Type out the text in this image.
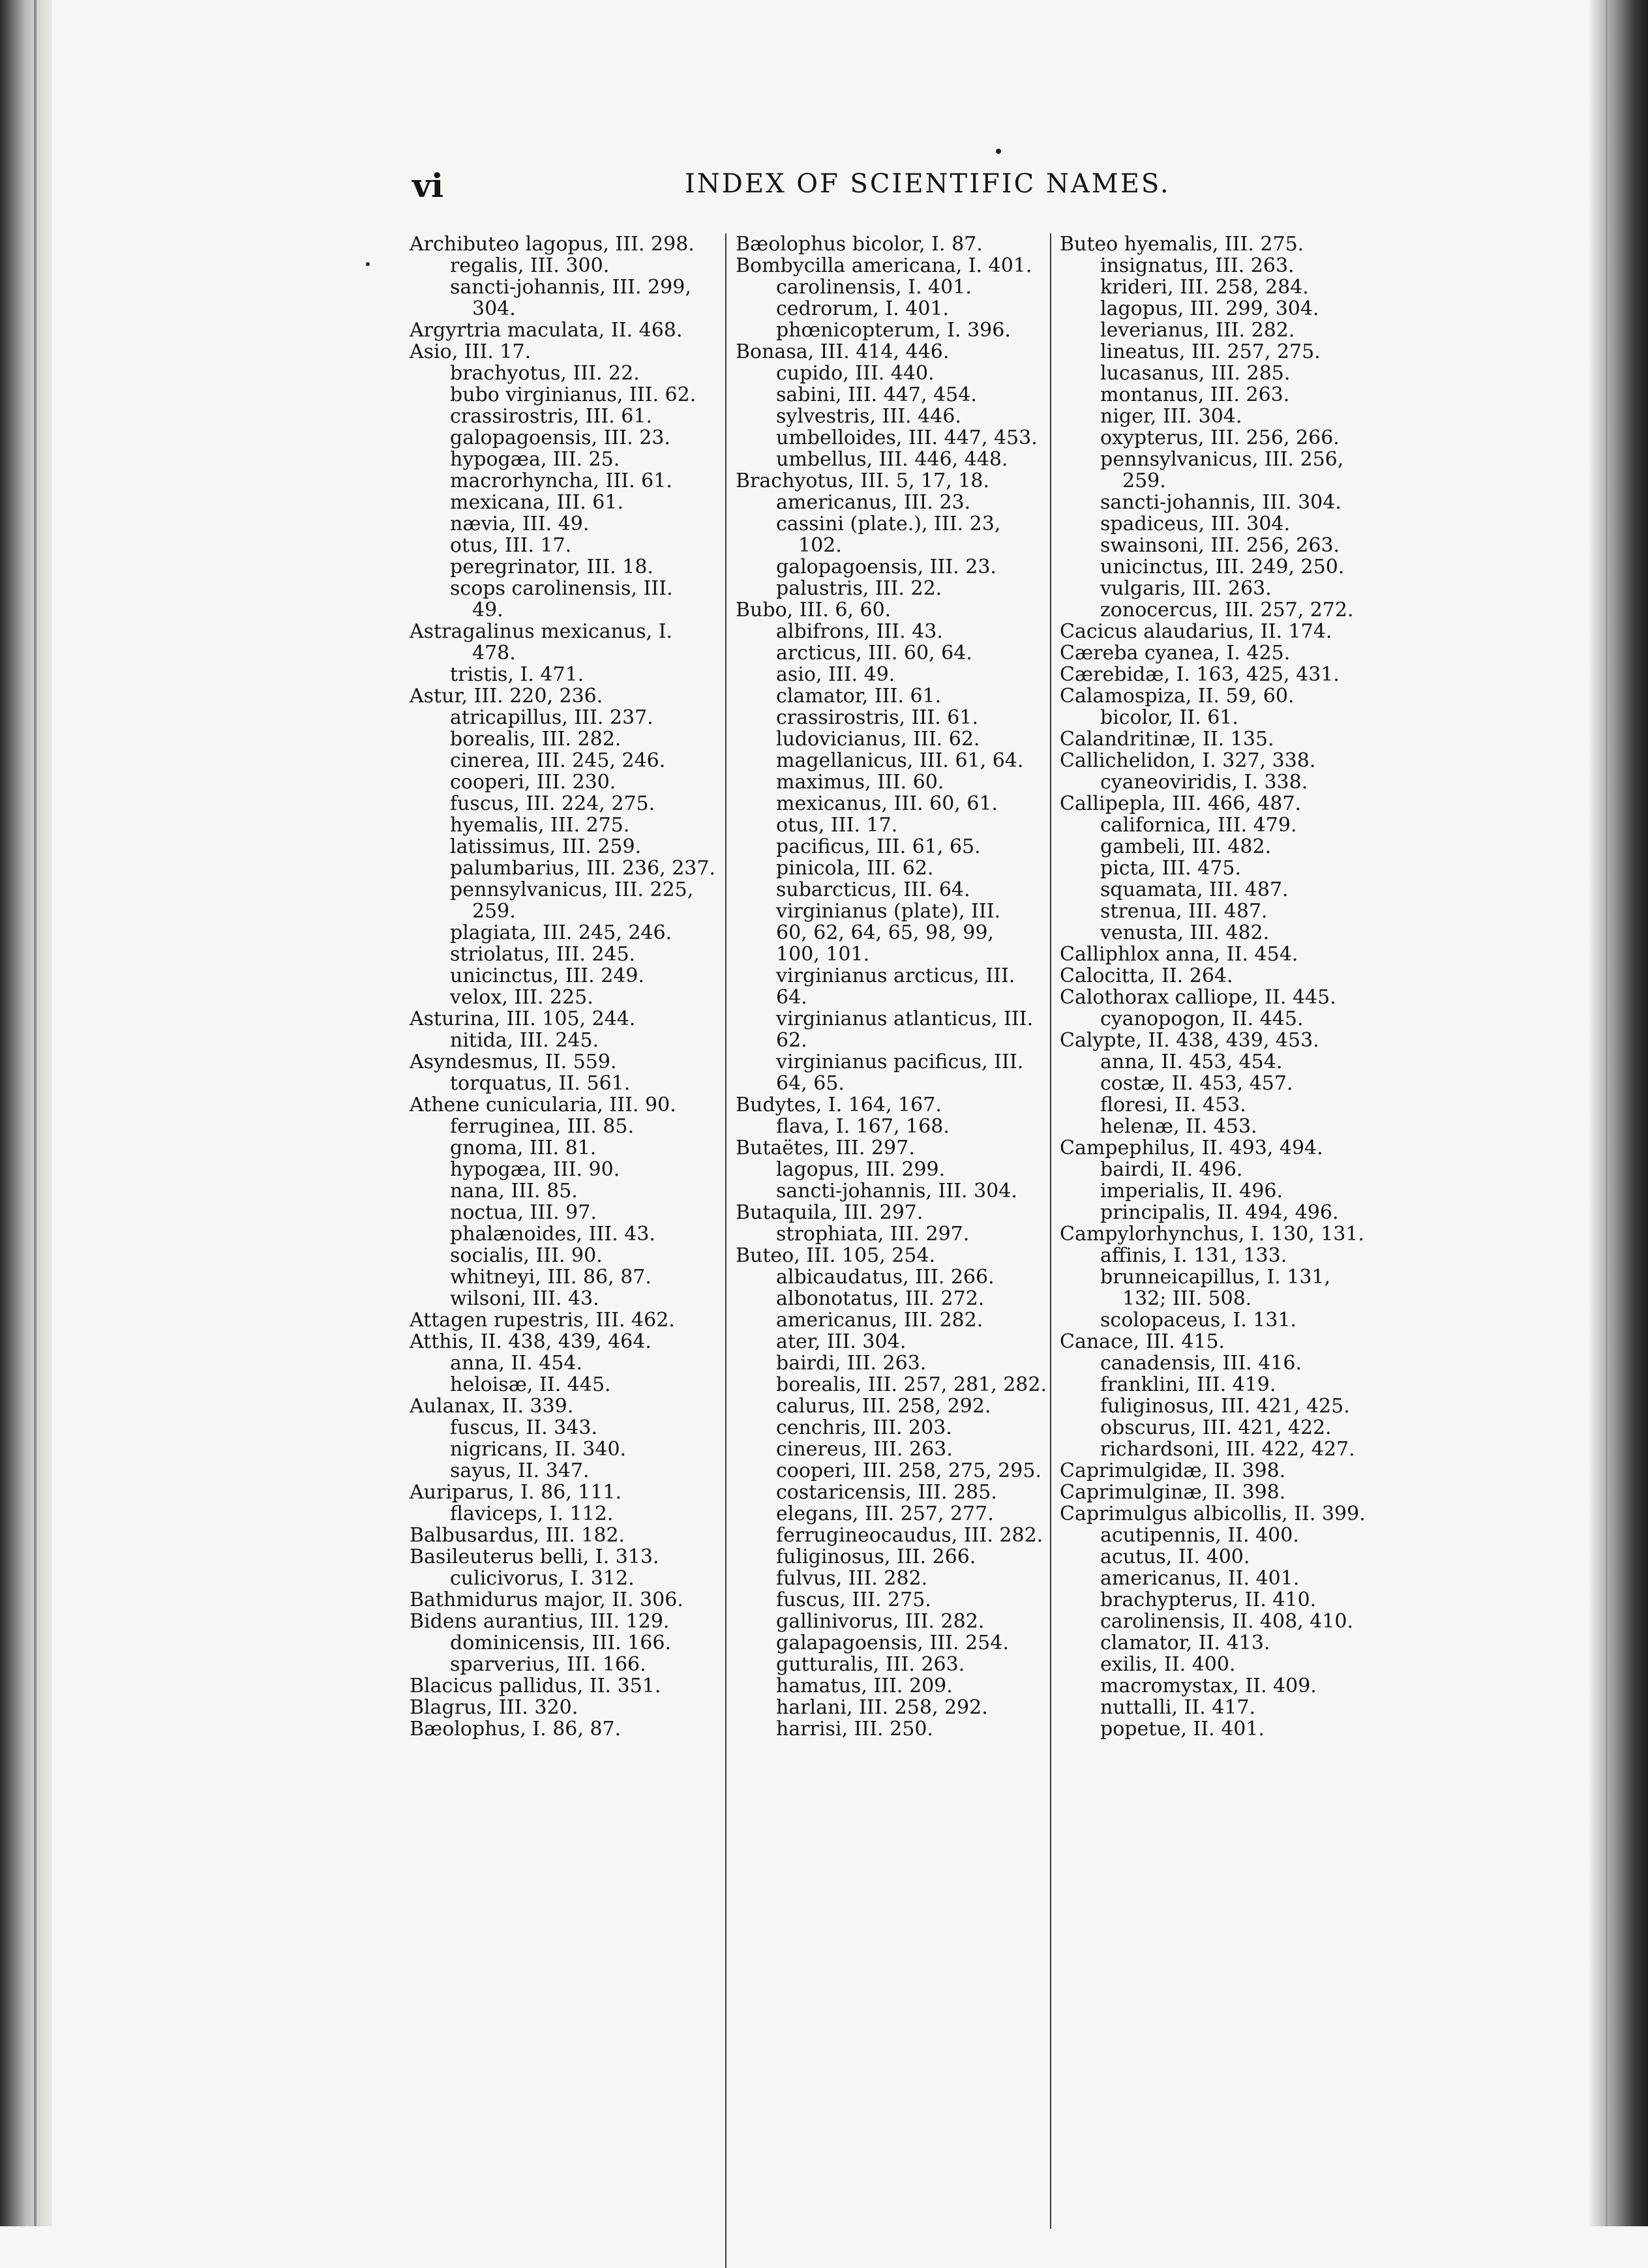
vi	INDEX OF SCIENTIFIC NAMES.
Archibuteo lagopus, III. 298.
regalis, III. 300.
sancti-johannis, III. 299,
304.
Argyrtria maculata, II. 468.
Asio, III. 17.
brachyotus, III. 22.
bubo virginianus, III. 62.
crassirostris, III. 61.
galopagoensis, III. 23.
hypogæa, III. 25.
macrorhyncha, III. 61.
mexicana, III. 61.
nævia, III. 49.
otus, III. 17.
peregrinator, III. 18.
scops carolinensis, III.
49.
Astragalinus mexicanus, I.
478.
tristis, I. 471.
Astur, III. 220, 236.
atricapillus, III. 237.
borealis, III. 282.
cinerea, III. 245, 246.
cooperi, III. 230.
fuscus, III. 224, 275.
hyemalis, III. 275.
latissimus, III. 259.
palumbarius, III. 236, 237.
pennsylvanicus, III. 225,
259.
plagiata, III. 245, 246.
striolatus, III. 245.
unicinctus, III. 249.
velox, III. 225.
Asturina, III. 105, 244.
nitida, III. 245.
Asyndesmus, II. 559.
torquatus, II. 561.
Athene cunicularia, III. 90.
ferruginea, III. 85.
gnoma, III. 81.
hypogæa, III. 90.
nana, III. 85.
noctua, III. 97.
phalænoides, III. 43.
socialis, III. 90.
whitneyi, III. 86, 87.
wilsoni, III. 43.
Attagen rupestris, III. 462.
Atthis, II. 438, 439, 464.
anna, II. 454.
heloisæ, II. 445.
Aulanax, II. 339.
fuscus, II. 343.
nigricans, II. 340.
sayus, II. 347.
Auriparus, I. 86, 111.
flaviceps, I. 112.
Balbusardus, III. 182.
Basileuterus belli, I. 313.
culicivorus, I. 312.
Bathmidurus major, II. 306.
Bidens aurantius, III. 129.
dominicensis, III. 166.
sparverius, III. 166.
Blacicus pallidus, II. 351.
Blagrus, III. 320.
Bæolophus, I. 86, 87.
Bæolophus bicolor, I. 87.
Bombycilla americana, I. 401.
carolinensis, I. 401.
cedrorum, I. 401.
phœnicopterum, I. 396.
Bonasa, III. 414, 446.
cupido, III. 440.
sabini, III. 447, 454.
sylvestris, III. 446.
umbelloides, III. 447, 453.
umbellus, III. 446, 448.
Brachyotus, III. 5, 17, 18.
americanus, III. 23.
cassini (plate.), III. 23,
102.
galopagoensis, III. 23.
palustris, III. 22.
Bubo, III. 6, 60.
albifrons, III. 43.
arcticus, III. 60, 64.
asio, III. 49.
clamator, III. 61.
crassirostris, III. 61.
ludovicianus, III. 62.
magellanicus, III. 61, 64.
maximus, III. 60.
mexicanus, III. 60, 61.
otus, III. 17.
pacificus, III. 61, 65.
pinicola, III. 62.
subarcticus, III. 64.
virginianus (plate), III.
60, 62, 64, 65, 98, 99,
100, 101.
virginianus arcticus, III.
64.
virginianus atlanticus, III.
62.
virginianus pacificus, III.
64, 65.
Budytes, I. 164, 167.
flava, I. 167, 168.
Butaëtes, III. 297.
lagopus, III. 299.
sancti-johannis, III. 304.
Butaquila, III. 297.
strophiata, III. 297.
Buteo, III. 105, 254.
albicaudatus, III. 266.
albonotatus, III. 272.
americanus, III. 282.
ater, III. 304.
bairdi, III. 263.
borealis, III. 257, 281, 282.
calurus, III. 258, 292.
cenchris, III. 203.
cinereus, III. 263.
cooperi, III. 258, 275, 295.
costaricensis, III. 285.
elegans, III. 257, 277.
ferrugineocaudus, III. 282.
fuliginosus, III. 266.
fulvus, III. 282.
fuscus, III. 275.
gallinivorus, III. 282.
galapagoensis, III. 254.
gutturalis, III. 263.
hamatus, III. 209.
harlani, III. 258, 292.
harrisi, III. 250.
Buteo hyemalis, III. 275.
insignatus, III. 263.
krideri, III. 258, 284.
lagopus, III. 299, 304.
leverianus, III. 282.
lineatus, III. 257, 275.
lucasanus, III. 285.
montanus, III. 263.
niger, III. 304.
oxypterus, III. 256, 266.
pennsylvanicus, III. 256,
259.
sancti-johannis, III. 304.
spadiceus, III. 304.
swainsoni, III. 256, 263.
unicinctus, III. 249, 250.
vulgaris, III. 263.
zonocercus, III. 257, 272.
Cacicus alaudarius, II. 174.
Cæreba cyanea, I. 425.
Cærebidæ, I. 163, 425, 431.
Calamospiza, II. 59, 60.
bicolor, II. 61.
Calandritinæ, II. 135.
Callichelidon, I. 327, 338.
cyaneoviridis, I. 338.
Callipepla, III. 466, 487.
californica, III. 479.
gambeli, III. 482.
picta, III. 475.
squamata, III. 487.
strenua, III. 487.
venusta, III. 482.
Calliphlox anna, II. 454.
Calocitta, II. 264.
Calothorax calliope, II. 445.
cyanopogon, II. 445.
Calypte, II. 438, 439, 453.
anna, II. 453, 454.
costæ, II. 453, 457.
floresi, II. 453.
helenæ, II. 453.
Campephilus, II. 493, 494.
bairdi, II. 496.
imperialis, II. 496.
principalis, II. 494, 496.
Campylorhynchus, I. 130, 131.
affinis, I. 131, 133.
brunneicapillus, I. 131,
132; III. 508.
scolopaceus, I. 131.
Canace, III. 415.
canadensis, III. 416.
franklini, III. 419.
fuliginosus, III. 421, 425.
obscurus, III. 421, 422.
richardsoni, III. 422, 427.
Caprimulgidæ, II. 398.
Caprimulginæ, II. 398.
Caprimulgus albicollis, II. 399.
acutipennis, II. 400.
acutus, II. 400.
americanus, II. 401.
brachypterus, II. 410.
carolinensis, II. 408, 410.
clamator, II. 413.
exilis, II. 400.
macromystax, II. 409.
nuttalli, II. 417.
popetue, II. 401.
